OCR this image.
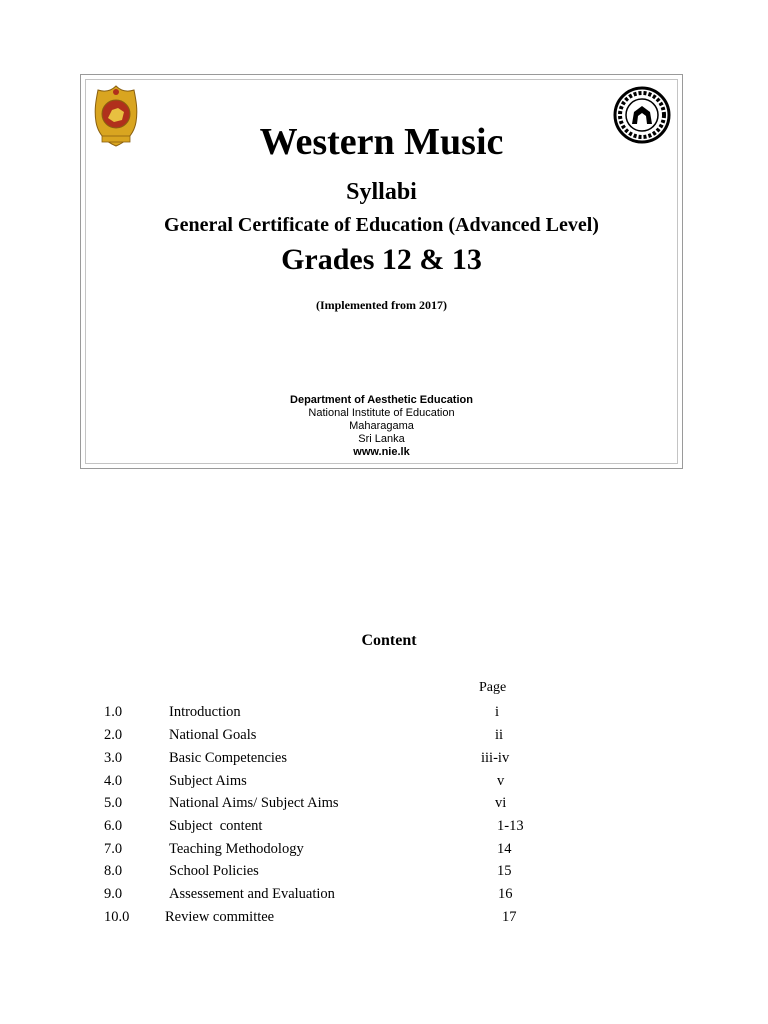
Western Music
Syllabi
General Certificate of Education (Advanced Level)
Grades 12 & 13
(Implemented from 2017)
Department of Aesthetic Education
National Institute of Education
Maharagama
Sri Lanka
www.nie.lk
Content
Page
1.0	Introduction	i
2.0	National Goals	ii
3.0	Basic Competencies	iii-iv
4.0	Subject Aims	v
5.0	National Aims/ Subject Aims	vi
6.0	Subject  content	1-13
7.0	Teaching Methodology	14
8.0	School Policies	15
9.0	Assessement and Evaluation	16
10.0 Review committee	17
